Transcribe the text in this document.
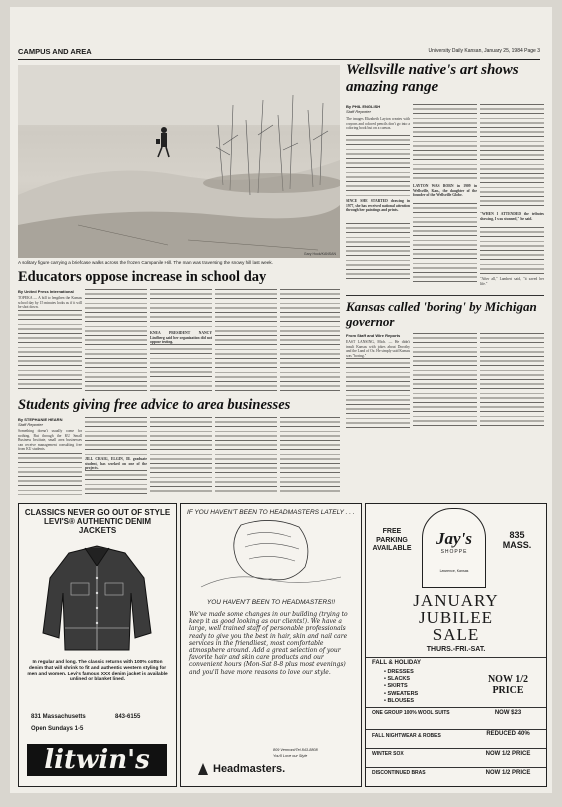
CAMPUS AND AREA	University Daily Kansan, January 25, 1984 Page 3
Gary Hook/KANSAN
A solitary figure carrying a briefcase walks across the frozen Campanile Hill. The man was traversing the snowy hill last week.
Wellsville native's art shows amazing range
By PHIL ENGLISH
Staff Reporter
The images Elizabeth Layton creates with crayons and colored pencils don't go into a coloring book but on a canvas.
SINCE SHE STARTED drawing in 1977, she has received national attention through her paintings and prints.
LAYTON WAS BORN in 1909 in Wellsville, Kan., the daughter of the founder of the Wellsville Globe.
"WHEN I ATTENDED the tributes showing, I was stunned," he said.
"After all," Lambert said, "it saved her life."
Educators oppose increase in school day
By United Press International
TOPEKA — A bill to lengthen the Kansas school day by 15 minutes looks as if it will be shot down.
KNEA PRESIDENT NANCY Lindberg said her organization did not oppose testing.
Kansas called 'boring' by Michigan governor
From Staff and Wire Reports
EAST LANSING, Mich. — He didn't insult Kansas with jokes about Dorothy and the Land of Oz. He simply said Kansas was "boring."
Students giving free advice to area businesses
By STEPHANIE HEARN
Staff Reporter
Something doesn't usually come for nothing. But through the KU Small Business Institute, small area businesses can receive management consulting free from KU students.
JILL CRAIG, ELGIN, Ill. graduate student, has worked on one of the projects.
CLASSICS NEVER GO OUT OF STYLE
LEVI'S® AUTHENTIC DENIM JACKETS
In regular and long. The classic returns with 100% cotton denim that will shrink to fit and authentic western styling for men and women. Levi's famous XXX denim jacket is available unlined or blanket lined.
831 Massachusetts	843-6155
Open Sundays 1-5
litwin's
IF YOU HAVEN'T BEEN TO HEADMASTERS LATELY . . .
YOU HAVEN'T BEEN TO HEADMASTERS!!
We've made some changes in our building (trying to keep it as good looking as our clients!). We have a large, well trained staff of personable professionals ready to give you the best in hair, skin and nail care services in the friendliest, most comfortable atmosphere around. Add a great selection of your favorite hair and skin care products and our convenient hours (Mon-Sat 8-8 plus most evenings) and you'll have more reasons to love our style.
809 Vermont/Tel 843-8808
You'll Love our Style
Headmasters.
FREE
PARKING
AVAILABLE
Jay's
SHOPPE
Lawrence, Kansas
835
MASS.
JANUARY
JUBILEE
SALE
THURS.-FRI.-SAT.
FALL & HOLIDAY
• DRESSES
• SLACKS
• SKIRTS
• SWEATERS
• BLOUSES
NOW 1/2 PRICE
ONE GROUP 100% WOOL SUITS	NOW $23
FALL NIGHTWEAR & ROBES	REDUCED 40%
WINTER SOX	NOW 1/2 PRICE
DISCONTINUED BRAS	NOW 1/2 PRICE
